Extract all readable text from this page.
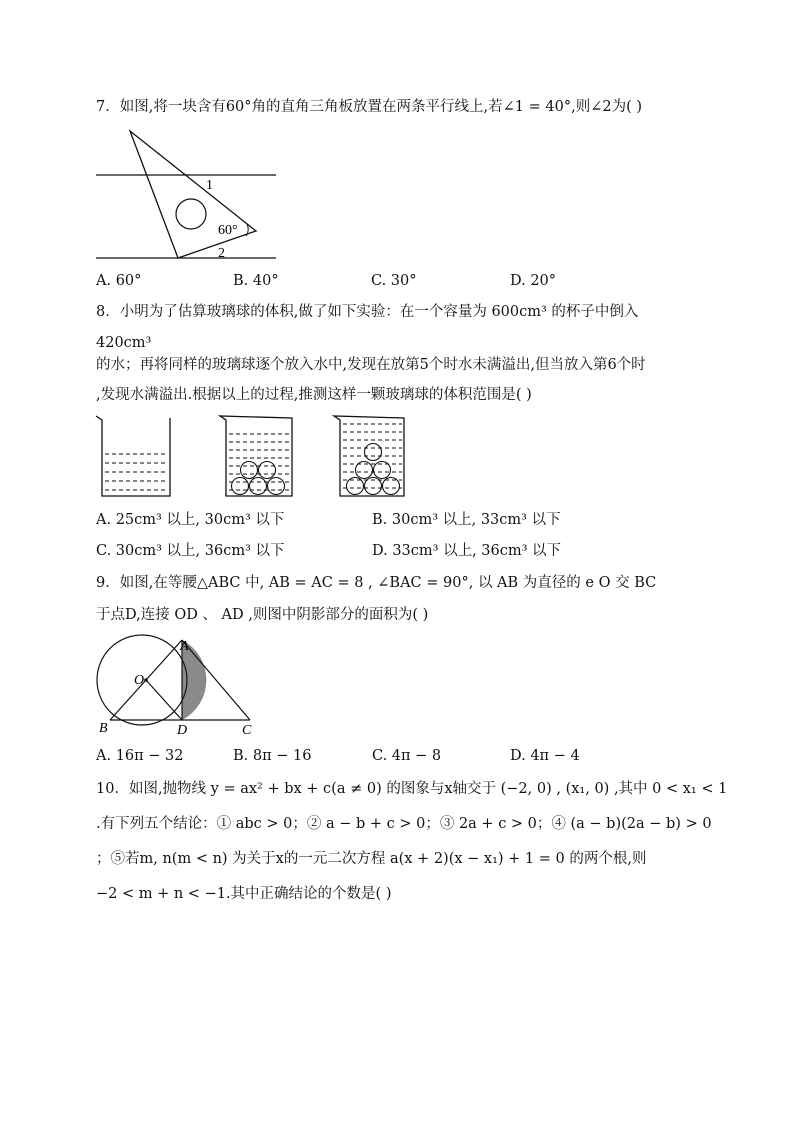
7．如图,将一块含有60°角的直角三角板放置在两条平行线上,若∠1 = 40°,则∠2为( )
1
60°
2
A. 60°	B. 40°	C. 30°	D. 20°
8．小明为了估算玻璃球的体积,做了如下实验：在一个容量为 600cm³ 的杯子中倒入
420cm³
的水；再将同样的玻璃球逐个放入水中,发现在放第5个时水未满溢出,但当放入第6个时
,发现水满溢出.根据以上的过程,推测这样一颗玻璃球的体积范围是( )
A. 25cm³ 以上, 30cm³ 以下	B. 30cm³ 以上, 33cm³ 以下
C. 30cm³ 以上, 36cm³ 以下	D. 33cm³ 以上, 36cm³ 以下
9．如图,在等腰△ABC 中, AB = AC = 8 , ∠BAC = 90°, 以 AB 为直径的 e O 交 BC
于点D,连接 OD 、 AD ,则图中阴影部分的面积为( )
A
O
B	D	C
A. 16π − 32	B. 8π − 16	C. 4π − 8	D. 4π − 4
10．如图,抛物线 y = ax² + bx + c(a ≠ 0) 的图象与x轴交于 (−2, 0) , (x₁, 0) ,其中 0 < x₁ < 1
.有下列五个结论：① abc > 0；② a − b + c > 0；③ 2a + c > 0；④ (a − b)(2a − b) > 0
；⑤若m, n(m < n) 为关于x的一元二次方程 a(x + 2)(x − x₁) + 1 = 0 的两个根,则
−2 < m + n < −1.其中正确结论的个数是( )
